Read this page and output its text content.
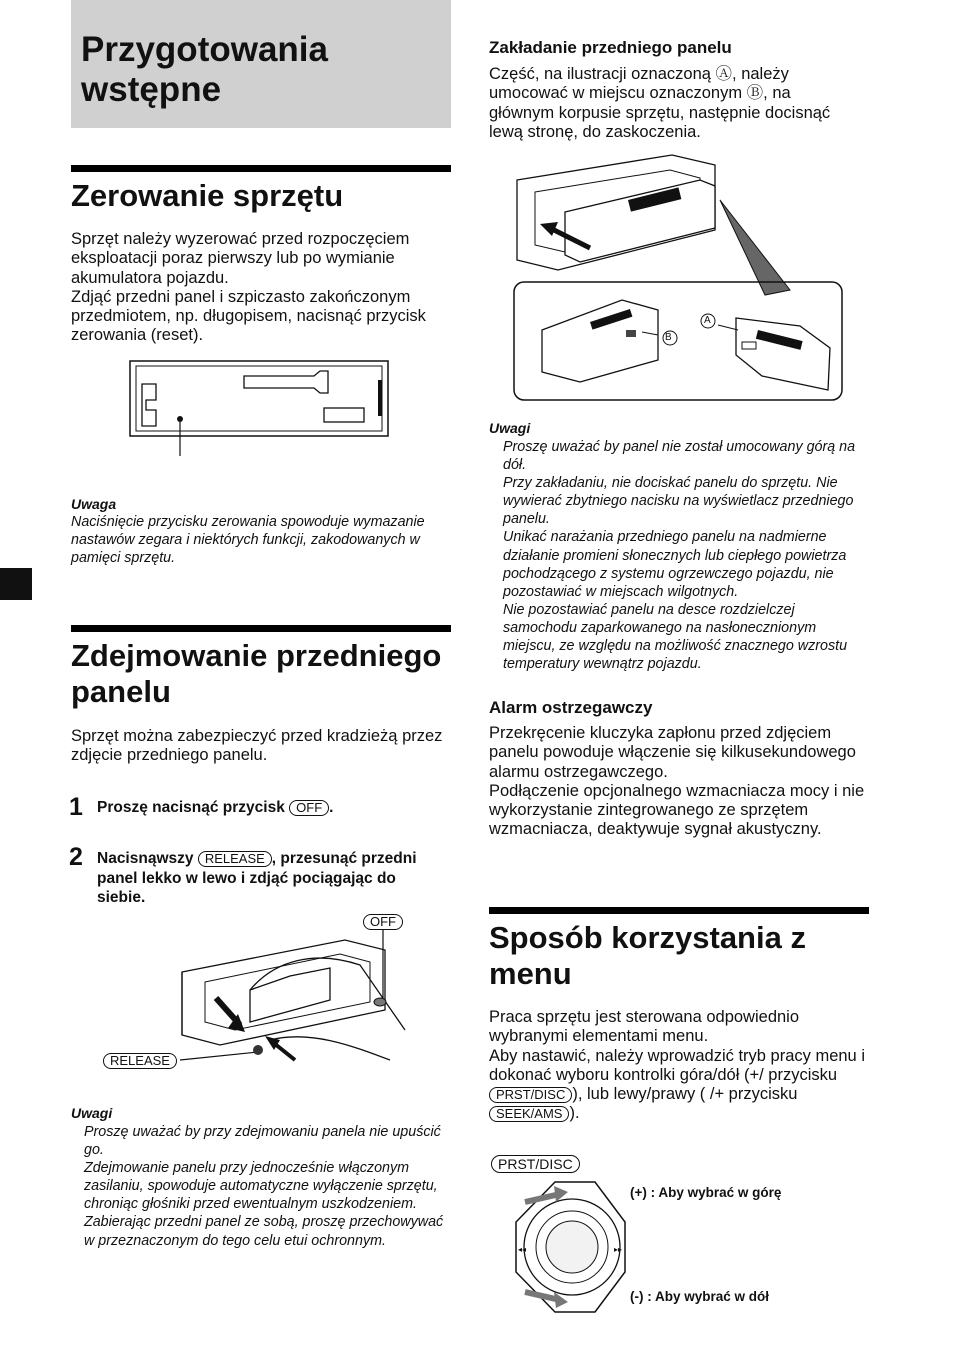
Przygotowania wstępne
Zerowanie sprzętu
Sprzęt należy wyzerować przed rozpoczęciem eksploatacji poraz pierwszy lub po wymianie akumulatora pojazdu.
Zdjąć przedni panel i szpiczasto zakończonym przedmiotem, np. długopisem, nacisnąć przycisk zerowania (reset).
Uwaga
Naciśnięcie przycisku zerowania spowoduje wymazanie nastawów zegara i niektórych funkcji, zakodowanych w pamięci sprzętu.
Zdejmowanie przedniego panelu
Sprzęt można zabezpieczyć przed kradzieżą przez zdjęcie przedniego panelu.
1 Proszę nacisnąć przycisk OFF .
2 Nacisnąwszy RELEASE , przesunąć przedni panel lekko w lewo i zdjąć pociągając do siebie.
OFF
RELEASE
Uwagi
Proszę uważać by przy zdejmowaniu panela nie upuścić go.
Zdejmowanie panelu przy jednocześnie włączonym zasilaniu, spowoduje automatyczne wyłączenie sprzętu, chroniąc głośniki przed ewentualnym uszkodzeniem.
Zabierając przedni panel ze sobą, proszę przechowywać w przeznaczonym do tego celu etui ochronnym.
Zakładanie przedniego panelu
Część, na ilustracji oznaczoną Ⓐ, należy umocować w miejscu oznaczonym Ⓑ, na głównym korpusie sprzętu, następnie docisnąć lewą stronę, do zaskoczenia.
B
A
Uwagi
Proszę uważać by panel nie został umocowany górą na dół.
Przy zakładaniu, nie dociskać panelu do sprzętu. Nie wywierać zbytniego nacisku na wyświetlacz przedniego panelu.
Unikać narażania przedniego panelu na nadmierne działanie promieni słonecznych lub ciepłego powietrza pochodzącego z systemu ogrzewczego pojazdu, nie pozostawiać w miejscach wilgotnych.
Nie pozostawiać panelu na desce rozdzielczej samochodu zaparkowanego na nasłonecznionym miejscu, ze względu na możliwość znacznego wzrostu temperatury wewnątrz pojazdu.
Alarm ostrzegawczy
Przekręcenie kluczyka zapłonu przed zdjęciem panelu powoduje włączenie się kilkusekundowego alarmu ostrzegawczego.
Podłączenie opcjonalnego wzmacniacza mocy i nie wykorzystanie zintegrowanego ze sprzętem wzmacniacza, deaktywuje sygnał akustyczny.
Sposób korzystania z menu
Praca sprzętu jest sterowana odpowiednio wybranymi elementami menu.
Aby nastawić, należy wprowadzić tryb pracy menu i dokonać wyboru kontrolki góra/dół (+/ przycisku PRST/DISC ), lub lewy/prawy ( /+ przycisku SEEK/AMS ).
PRST/DISC
◂◂	▸▸
(+) : Aby wybrać w górę
(-) : Aby wybrać w dół
